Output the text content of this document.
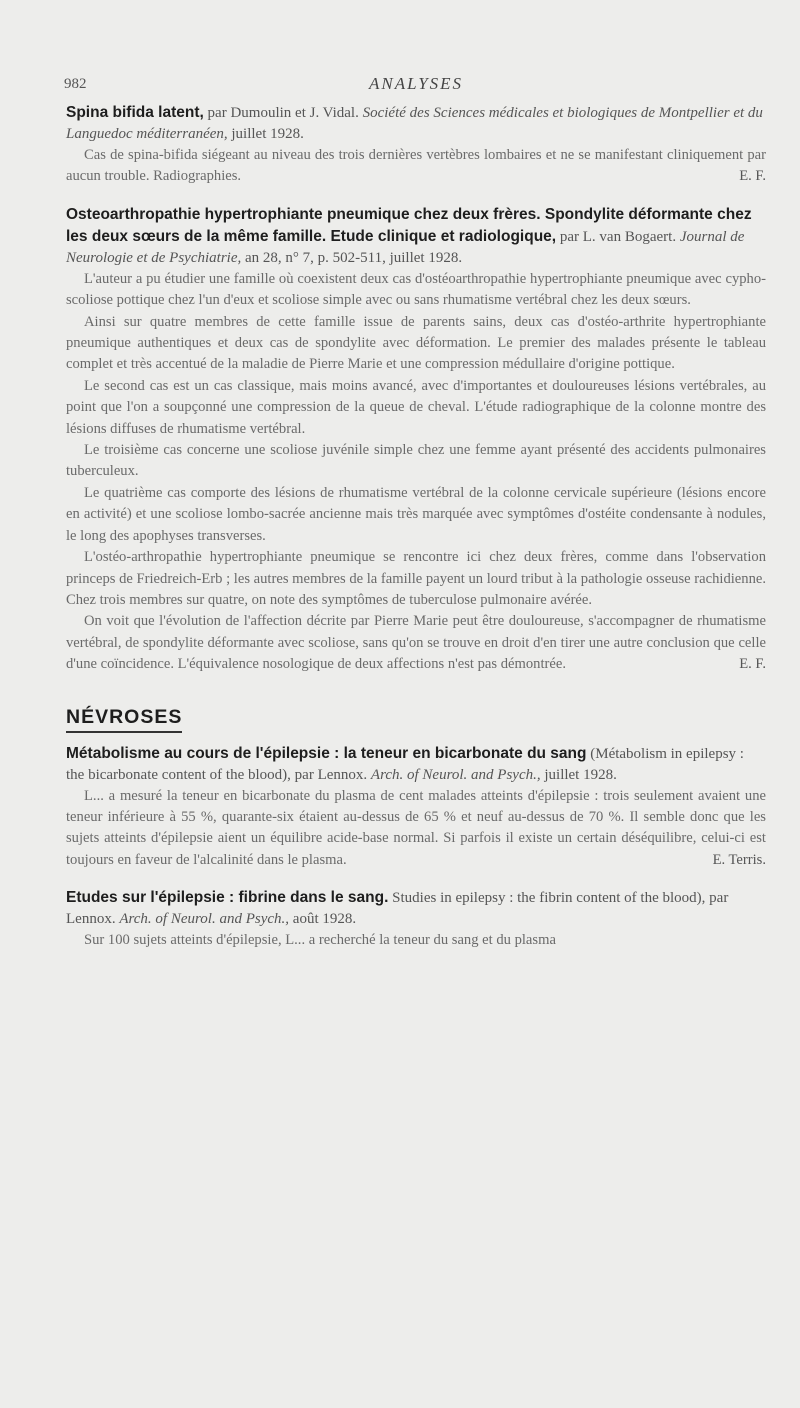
982	ANALYSES
Spina bifida latent, par Dumoulin et J. Vidal. Société des Sciences médicales et biologiques de Montpellier et du Languedoc méditerranéen, juillet 1928.

Cas de spina-bifida siégeant au niveau des trois dernières vertèbres lombaires et ne se manifestant cliniquement par aucun trouble. Radiographies.	E. F.

Osteoarthropathie hypertrophiante pneumique chez deux frères. Spondylite déformante chez les deux sœurs de la même famille. Etude clinique et radiologique, par L. van Bogaert. Journal de Neurologie et de Psychiatrie, an 28, n° 7, p. 502-511, juillet 1928.

L'auteur a pu étudier une famille où coexistent deux cas d'ostéoarthropathie hypertrophiante pneumique avec cypho-scoliose pottique chez l'un d'eux et scoliose simple avec ou sans rhumatisme vertébral chez les deux sœurs.

Ainsi sur quatre membres de cette famille issue de parents sains, deux cas d'ostéo-arthrite hypertrophiante pneumique authentiques et deux cas de spondylite avec déformation. Le premier des malades présente le tableau complet et très accentué de la maladie de Pierre Marie et une compression médullaire d'origine pottique.

Le second cas est un cas classique, mais moins avancé, avec d'importantes et douloureuses lésions vertébrales, au point que l'on a soupçonné une compression de la queue de cheval. L'étude radiographique de la colonne montre des lésions diffuses de rhumatisme vertébral.

Le troisième cas concerne une scoliose juvénile simple chez une femme ayant présenté des accidents pulmonaires tuberculeux.

Le quatrième cas comporte des lésions de rhumatisme vertébral de la colonne cervicale supérieure (lésions encore en activité) et une scoliose lombo-sacrée ancienne mais très marquée avec symptômes d'ostéite condensante à nodules, le long des apophyses transverses.

L'ostéo-arthropathie hypertrophiante pneumique se rencontre ici chez deux frères, comme dans l'observation princeps de Friedreich-Erb ; les autres membres de la famille payent un lourd tribut à la pathologie osseuse rachidienne. Chez trois membres sur quatre, on note des symptômes de tuberculose pulmonaire avérée.

On voit que l'évolution de l'affection décrite par Pierre Marie peut être douloureuse, s'accompagner de rhumatisme vertébral, de spondylite déformante avec scoliose, sans qu'on se trouve en droit d'en tirer une autre conclusion que celle d'une coïncidence. L'équivalence nosologique de deux affections n'est pas démontrée.	E. F.

NÉVROSES
Métabolisme au cours de l'épilepsie : la teneur en bicarbonate du sang (Métabolism in epilepsy : the bicarbonate content of the blood), par Lennox. Arch. of Neurol. and Psych., juillet 1928.

L... a mesuré la teneur en bicarbonate du plasma de cent malades atteints d'épilepsie : trois seulement avaient une teneur inférieure à 55 %, quarante-six étaient au-dessus de 65 % et neuf au-dessus de 70 %. Il semble donc que les sujets atteints d'épilepsie aient un équilibre acide-base normal. Si parfois il existe un certain déséquilibre, celui-ci est toujours en faveur de l'alcalinité dans le plasma.	E. Terris.

Etudes sur l'épilepsie : fibrine dans le sang. Studies in epilepsy : the fibrin content of the blood), par Lennox. Arch. of Neurol. and Psych., août 1928.

Sur 100 sujets atteints d'épilepsie, L... a recherché la teneur du sang et du plasma
